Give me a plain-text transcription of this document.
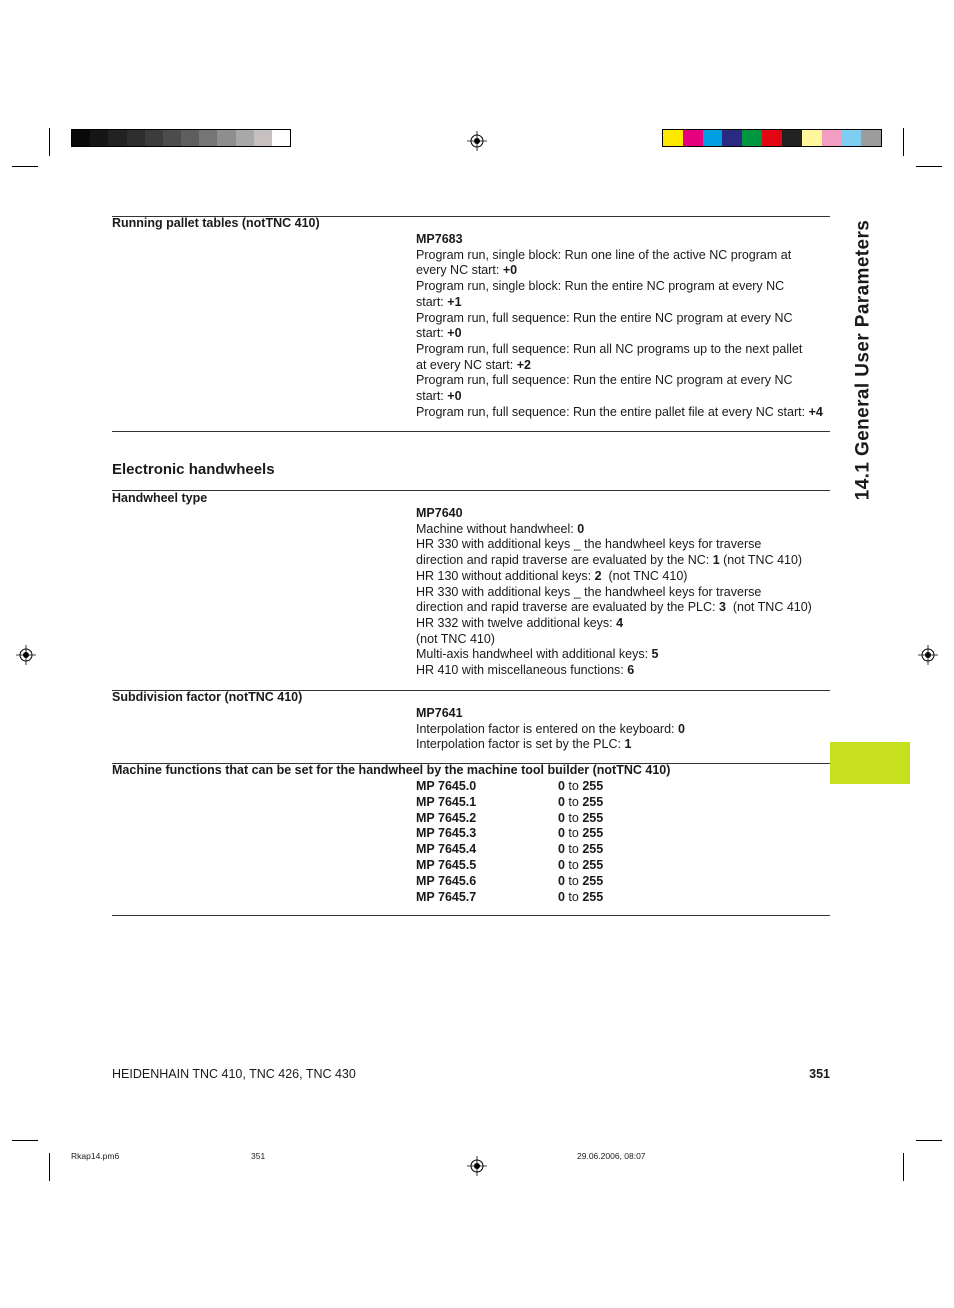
14.1 General User Parameters
Running pallet tables (notTNC 410)
MP7683
Program run, single block: Run one line of the active NC program at
every NC start: +0
Program run, single block: Run the entire NC program at every NC
start: +1
Program run, full sequence: Run the entire NC program at every NC
start: +0
Program run, full sequence: Run all NC programs up to the next pallet
at every NC start: +2
Program run, full sequence: Run the entire NC program at every NC
start: +0
Program run, full sequence: Run the entire pallet file at every NC start: +4
Electronic handwheels
Handwheel type
MP7640
Machine without handwheel: 0
HR 330 with additional keys _ the handwheel keys for traverse
direction and rapid traverse are evaluated by the NC: 1 (not TNC 410)
HR 130 without additional keys: 2  (not TNC 410)
HR 330 with additional keys _ the handwheel keys for traverse
direction and rapid traverse are evaluated by the PLC: 3  (not TNC 410)
HR 332 with twelve additional keys: 4
(not TNC 410)
Multi-axis handwheel with additional keys: 5
HR 410 with miscellaneous functions: 6
Subdivision factor (notTNC 410)
MP7641
Interpolation factor is entered on the keyboard: 0
Interpolation factor is set by the PLC: 1
Machine functions that can be set for the handwheel by the machine tool builder (notTNC 410)
MP 7645.0	0 to 255
MP 7645.1	0 to 255
MP 7645.2	0 to 255
MP 7645.3	0 to 255
MP 7645.4	0 to 255
MP 7645.5	0 to 255
MP 7645.6	0 to 255
MP 7645.7	0 to 255
HEIDENHAIN TNC 410, TNC 426, TNC 430	351
Rkap14.pm6	351	29.06.2006, 08:07
